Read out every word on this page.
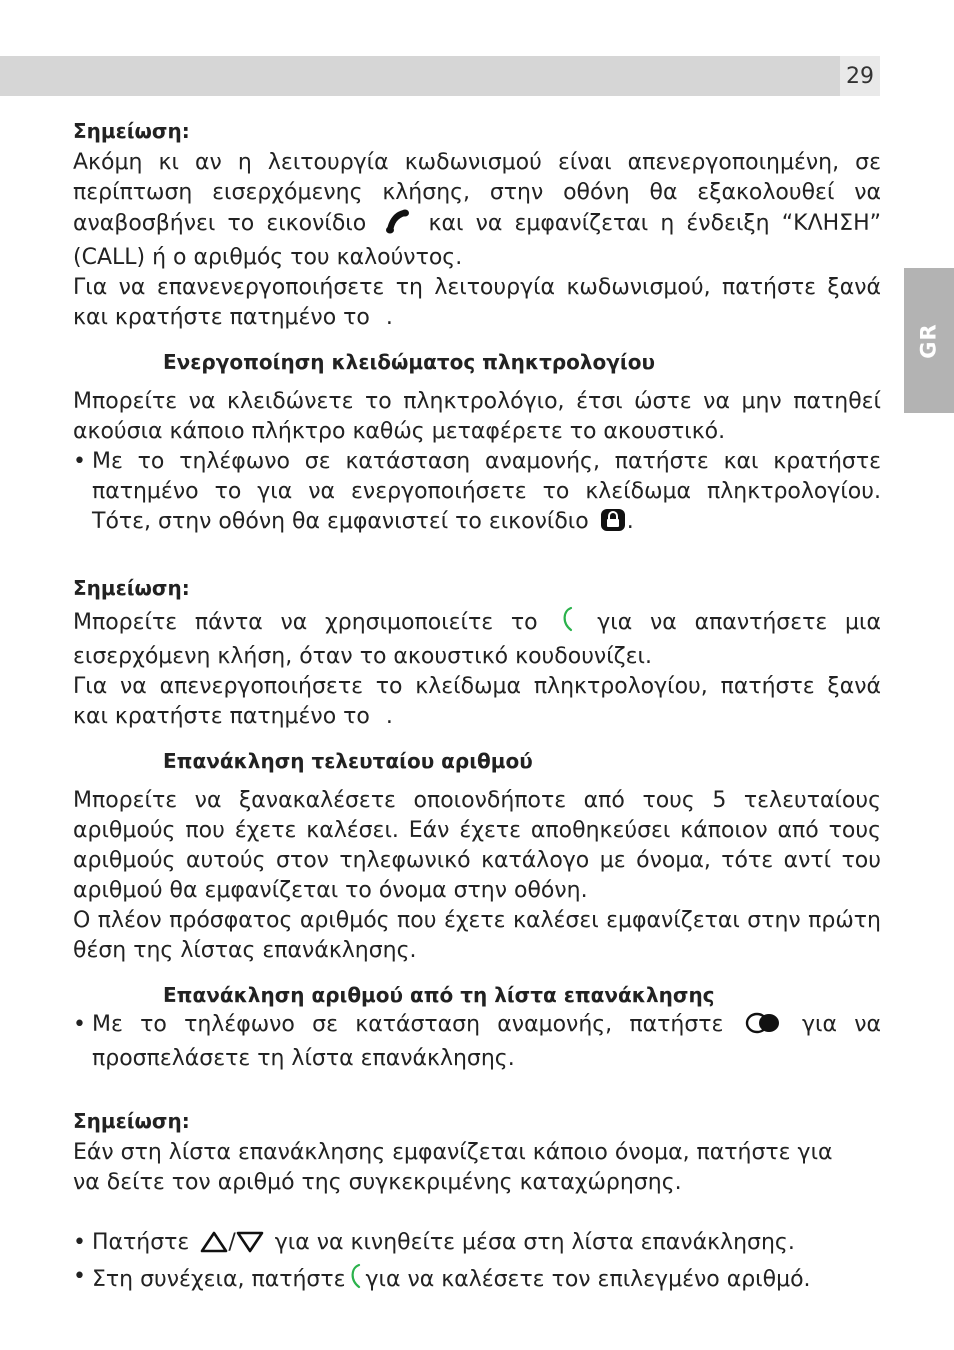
29
GR

Σημείωση:

Ακόμη κι αν η λειτουργία κωδωνισμού είναι απενεργοποιημένη, σε περίπτωση εισερχόμενης κλήσης, στην οθόνη θα εξακολουθεί να αναβοσβήνει το εικονίδιο	και να εμφανίζεται η ένδειξη “ΚΛΗΣΗ” (CALL) ή ο αριθμός του καλούντος.

Για να επανενεργοποιήσετε τη λειτουργία κωδωνισμού, πατήστε ξανά και κρατήστε πατημένο το .

Ενεργοποίηση κλειδώματος πληκτρολογίου

Μπορείτε να κλειδώνετε το πληκτρολόγιο, έτσι ώστε να μην πατηθεί ακούσια κάποιο πλήκτρο καθώς μεταφέρετε το ακουστικό.

• Με το τηλέφωνο σε κατάσταση αναμονής, πατήστε και κρατήστε πατημένο το για να ενεργοποιήσετε το κλείδωμα πληκτρολογίου. Τότε, στην οθόνη θα εμφανιστεί το εικονίδιο .

Σημείωση:

Μπορείτε πάντα να χρησιμοποιείτε το	για να απαντήσετε μια εισερχόμενη κλήση, όταν το ακουστικό κουδουνίζει.

Για να απενεργοποιήσετε το κλείδωμα πληκτρολογίου, πατήστε ξανά και κρατήστε πατημένο το .

Επανάκληση τελευταίου αριθμού

Μπορείτε να ξανακαλέσετε οποιονδήποτε από τους 5 τελευταίους αριθμούς που έχετε καλέσει. Εάν έχετε αποθηκεύσει κάποιον από τους αριθμούς αυτούς στον τηλεφωνικό κατάλογο με όνομα, τότε αντί του αριθμού θα εμφανίζεται το όνομα στην οθόνη.

Ο πλέον πρόσφατος αριθμός που έχετε καλέσει εμφανίζεται στην πρώτη θέση της λίστας επανάκλησης.

Επανάκληση αριθμού από τη λίστα επανάκλησης

• Με το τηλέφωνο σε κατάσταση αναμονής, πατήστε	για να προσπελάσετε τη λίστα επανάκλησης.

Σημείωση:

Εάν στη λίστα επανάκλησης εμφανίζεται κάποιο όνομα, πατήστε για να δείτε τον αριθμό της συγκεκριμένης καταχώρησης.

• Πατήστε / για να κινηθείτε μέσα στη λίστα επανάκλησης.

• Στη συνέχεια, πατήστε για να καλέσετε τον επιλεγμένο αριθμό.
